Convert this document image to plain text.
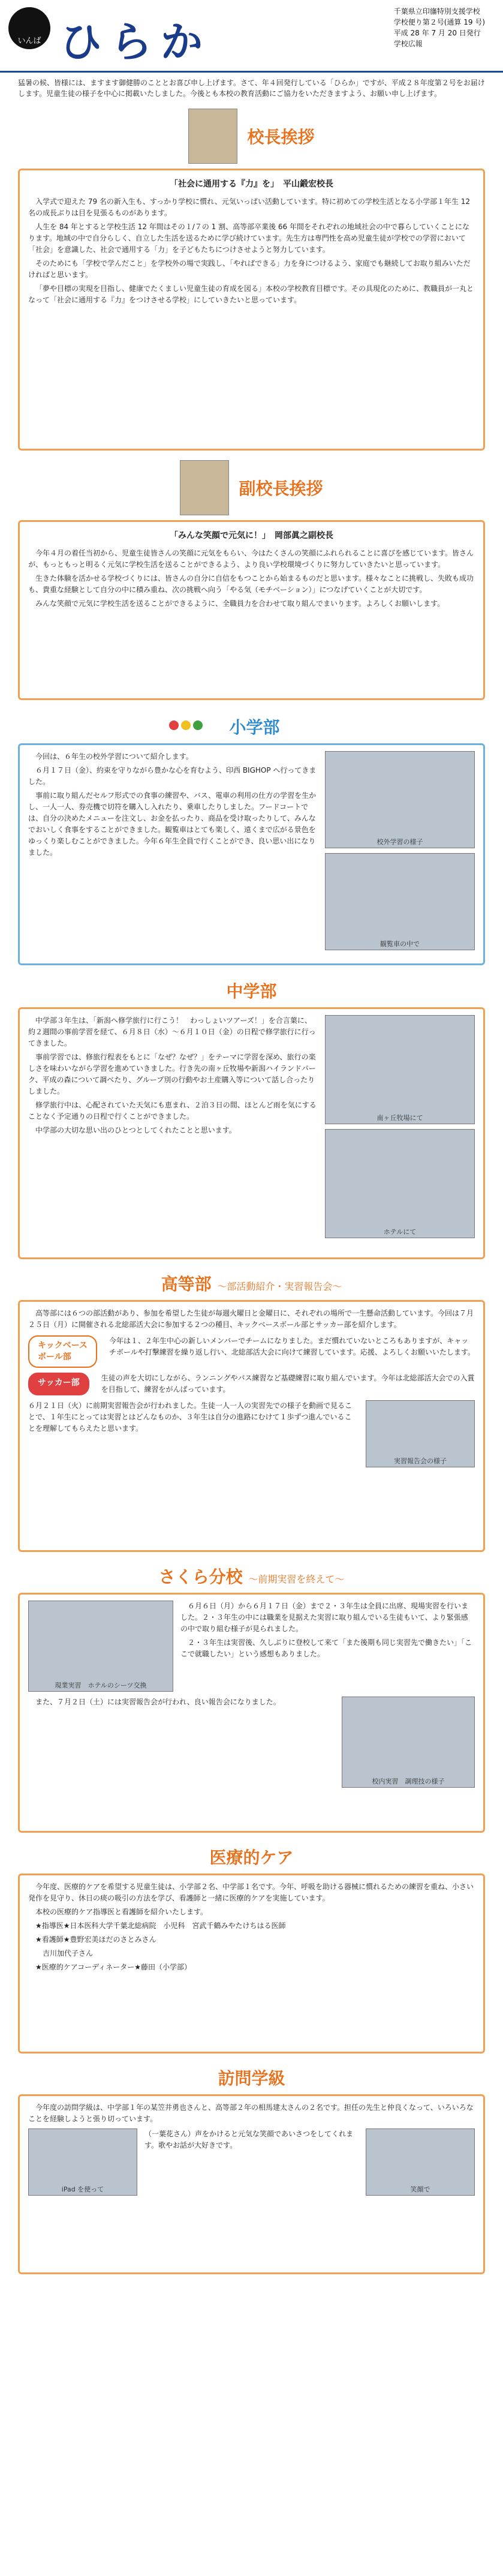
いんば ひらか
千葉県立印旛特別支援学校
学校便り第２号(通算 19 号)
平成 28 年 7 月 20 日発行
学校広報
猛暑の候、皆様には、ますます御健勝のこととお喜び申し上げます。さて、年４回発行している「ひらか」ですが、平成２８年度第２号をお届けします。児童生徒の様子を中心に掲載いたしました。今後とも本校の教育活動にご協力をいただきますよう、お願い申し上げます。
校長挨拶
「社会に通用する『力』を」　平山鍛宏校長

入学式で迎えた 79 名の新入生も、すっかり学校に慣れ、元気いっぱい活動しています。特に初めての学校生活となる小学部１年生 12 名の成長ぶりは目を見張るものがあります。

人生を 84 年とすると学校生活 12 年間はその１/７の 1 割、高等部卒業後 66 年間をそれぞれの地域社会の中で暮らしていくことになります。地域の中で自分らしく、自立した生活を送るために学び続けています。先生方は専門性を高め児童生徒が学校での学習において「社会」を意識した、社会で通用する「力」を子どもたちにつけさせようと努力しています。

そのためにも「学校で学んだこと」を学校外の場で実践し、「やればできる」力を身につけるよう、家庭でも継続してお取り組みいただければと思います。

「夢や目標の実現を目指し、健康でたくましい児童生徒の育成を図る」本校の学校教育目標です。その具現化のために、教職員が一丸となって「社会に通用する『力』をつけさせる学校」にしていきたいと思っています。

副校長挨拶
「みんな笑顔で元気に！」　岡部眞之副校長

今年４月の着任当初から、児童生徒皆さんの笑顔に元気をもらい、今はたくさんの笑顔にふれられることに喜びを感じています。皆さんが、もっともっと明るく元気に学校生活を送ることができるよう、より良い学校環境づくりに努力していきたいと思っています。

生きた体験を活かせる学校づくりには、皆さんの自分に自信をもつことから始まるものだと思います。様々なことに挑戦し、失敗も成功も、貴重な経験として自分の中に積み重ね、次の挑戦へ向う「やる気（モチベーション）」につなげていくことが大切です。

みんな笑顔で元気に学校生活を送ることができるように、全職員力を合わせて取り組んでまいります。よろしくお願いします。

小学部

今回は、６年生の校外学習について紹介します。

６月１７日（金）、約束を守りながら豊かな心を育むよう、印西 BIGHOP へ行ってきました。

事前に取り組んだセルフ形式での食事の練習や、バス、電車の利用の仕方の学習を生かし、一人一人、券売機で切符を購入し入れたり、乗車したりしました。フードコートでは、自分の決めたメニューを注文し、お金を払ったり、商品を受け取ったりして、みんなでおいしく食事をすることができました。観覧車はとても楽しく、遠くまで広がる景色をゆっくり楽しむことができました。今年６年生全員で行くことができ、良い思い出になりました。

校外学習の様子
観覧車の中で
中学部

中学部３年生は、「新潟へ修学旅行に行こう！　わっしょいツアーズ！」を合言葉に、約２週間の事前学習を経て、６月８日（水）～６月１０日（金）の日程で修学旅行に行ってきました。

事前学習では、修旅行程表をもとに「なぜ？なぜ？」をテーマに学習を深め、旅行の楽しさを味わいながら学習を進めていきました。行き先の南ヶ丘牧場や新潟ハイランドパーク、平成の森について調べたり、グループ別の行動やお土産購入等について話し合ったりしました。

修学旅行中は、心配されていた天気にも恵まれ、２泊３日の間、ほとんど雨を気にすることなく予定通りの日程で行くことができました。

中学部の大切な思い出のひとつとしてくれたことと思います。

南ヶ丘牧場にて
ホテルにて
高等部 ～部活動紹介・実習報告会～

高等部には６つの部活動があり、参加を希望した生徒が毎週火曜日と金曜日に、それぞれの場所で一生懸命活動しています。今回は７月２５日（月）に開催される北総部活大会に参加する２つの種目、キックベースボール部とサッカー部を紹介します。

キックベース
ボール部
今年は１、２年生中心の新しいメンバーでチームになりました。まだ慣れていないところもありますが、キャッチボールや打撃練習を繰り返し行い、北総部活大会に向けて練習しています。応援、よろしくお願いいたします。
サッカー部	生徒の声を大切にしながら、ランニングやパス練習など基礎練習に取り組んでいます。今年は北総部活大会での入賞を目指して、練習をがんばっています。
６月２１日（火）に前期実習報告会が行われました。生徒一人一人の実習先での様子を動画で見ることで、１年生にとっては実習とはどんなものか、３年生は自分の進路にむけて１歩ずつ進んでいることを理解してもらえたと思います。
実習報告会の様子
さくら分校 ～前期実習を終えて～
現業実習　ホテルのシーツ交換

６月６日（月）から６月１７日（金）まで２・３年生は全員に出席、現場実習を行いました。２・３年生の中には職業を見据えた実習に取り組んでいる生徒もいて、より緊張感の中で取り組む様子が見られました。

２・３年生は実習後、久しぶりに登校して来て「また後期も同じ実習先で働きたい」「ここで就職したい」という感想もありました。

また、７月２日（土）には実習報告会が行われ、良い報告会になりました。

校内実習　調理技の様子
医療的ケア

今年度、医療的ケアを希望する児童生徒は、小学部２名、中学部１名です。今年、呼吸を助ける器械に慣れるための練習を重ね、小さい発作を見守り、休日の痰の吸引の方法を学び、看護師と一緒に医療的ケアを実施しています。

本校の医療的ケア指導医と看護師を紹介いたします。

★指導医★日本医科大学千葉北総病院　小児科　宮武千鶴みやたけちはる医師
★看護師★豊野宏美ほだのさとみさん
　吉川加代子さん
★医療的ケアコーディネーター★藤田（小学部）
訪問学級

今年度の訪問学級は、中学部１年の某笠井勇也さんと、高等部２年の相馬建太さんの２名です。担任の先生と仲良くなって、いろいろなことを経験しようと張り切っています。

iPad を使って
（一葉花さん）声をかけると元気な笑顔であいさつをしてくれます。歌やお話が大好きです。
笑顔で
